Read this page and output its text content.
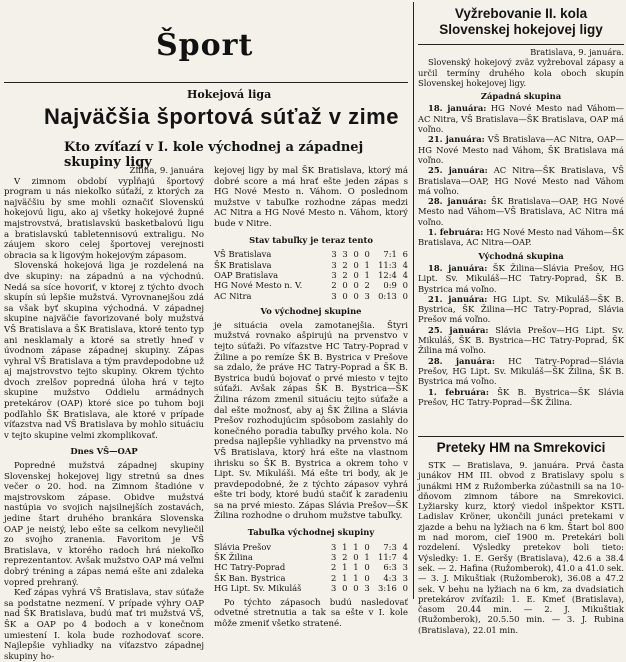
Šport
Hokejová liga
Najväčšia športová súťaž v zime
Kto zvíťazí v I. kole východnej a západnej skupiny ligy

Žilina, 9. januára

V zimnom období vypĺňajú športový program u nás niekoľko súťaží, z ktorých za najväčšiu by sme mohli označiť Slovenskú hokejovú ligu, ako aj všetky hokejové župné majstrovstvá, bratislavskú basketbalovú ligu a bratislavskú tabletennisovú extraligu. No záujem skoro celej športovej verejnosti obracia sa k ligovým hokejovým zápasom.

Slovenská hokejová liga je rozdelená na dve skupiny: na západnú a na východnú. Nedá sa síce hovoriť, v ktorej z týchto dvoch skupín sú lepšie mužstvá. Vyrovnanejšou zdá sa však byť skupina východná. V západnej skupine najväčie favorizované boly mužstvá VŠ Bratislava a ŠK Bratislava, ktoré tento typ ani nesklamaly a ktoré sa stretly hneď v úvodnom zápase západnej skupiny. Zápas vyhral VŠ Bratislava a tým pravdepodobne už aj majstrovstvo tejto skupiny. Okrem týchto dvoch zrelšov popredná úloha hrá v tejto skupine mužstvo Oddielu armádnych pretekárov (OAP) ktoré sice po tuhom boji podľahlo ŠK Bratislava, ale ktoré v prípade víťazstva nad VŠ Bratislava by mohlo situáciu v tejto skupine velmi zkomplikovať.

Dnes VŠ—OAP

Popredné mužstvá západnej skupiny Slovenskej hokejovej ligy stretnú sa dnes večer o 20. hod. na Zimnom štadióne v majstrovskom zápase. Obidve mužstvá nastúpia vo svojich najsilnejších zostavách, jedine štart druhého brankára Slovenska OAP je neistý, lebo ešte sa celkom nevyliečil zo svojho zranenia. Favoritom je VŠ Bratislava, v ktorého radoch hrá niekoľko reprezentantov. Avšak mužstvo OAP má veľmi dobrý tréning a zápas nemá ešte ani zdaleka vopred prehraný.

Keď zápas vyhrá VŠ Bratislava, stav súťaže sa podstatne nezmení. V prípade výhry OAP nad ŠK Bratislava, budú mať tri mužstvá VŠ, ŠK a OAP po 4 bodoch a v konečnom umiestení I. kola bude rozhodovať score. Najlepšie vyhliadky na víťazstvo západnej skupiny ho-

kejovej ligy by mal ŠK Bratislava, ktorý má dobré score a má hrať ešte jeden zápas s HG Nové Mesto n. Váhom. O poslednom mužstve v tabuľke rozhodne zápas medzi AC Nitra a HG Nové Mesto n. Váhom, ktorý bude v Nitre.

Stav tabuľky je teraz tento
VŠ Bratislava	3	3	0	0	7:1	6
ŠK Bratislava	3	2	0	1	11:3	4
OAP Bratislava	3	2	0	1	12:4	4
HG Nové Mesto n. V.	2	0	0	2	0:9	0
AC Nitra	3	0	0	3	0:13	0
Vo východnej skupine

je situácia ovela zamotanejšia. Štyri mužstvá rovnako ašpirujú na prvenstvo v tejto súťaži. Po víťazstve HC Tatry-Poprad v Žiline a po remíze ŠK B. Bystrica v Prešove sa zdalo, že práve HC Tatry-Poprad a ŠK B. Bystrica budú bojovať o prvé miesto v tejto súťaži. Avšak zápas ŠK B. Bystrica—ŠK Žilina rázom zmenil situáciu tejto súťaže a dal ešte možnosť, aby aj ŠK Žilina a Slávia Prešov rozhodujúcim spôsobom zasiahly do konečného poradia tabuľky prvého kola. No predsa najlepšie vyhliadky na prvenstvo má VŠ Bratislava, ktorý hrá ešte na vlastnom ihrisku so ŠK B. Bystrica a okrem toho v Lipt. Sv. Mikuláši. Má ešte tri body, ak je pravdepodobné, že z týchto zápasov vyhrá ešte tri body, ktoré budú stačiť k zaradeniu sa na prvé miesto. Zápas Slávia Prešov—ŠK Žilina rozhodne o druhom mužstve tabuľky.

Tabuľka východnej skupiny
Slávia Prešov	3	1	1	0	7:3	4
ŠK Žilina	3	2	0	1	11:7	4
HC Tatry-Poprad	2	1	1	0	6:3	3
ŠK Ban. Bystrica	2	1	1	0	4:3	3
HG Lipt. Sv. Mikuláš	3	0	0	3	3:16	0

Po týchto zápasoch budú nasledovať odvetné stretnutia a tak sa ešte v I. kole môže zmeniť všetko stratené.

Vyžrebovanie II. kola Slovenskej hokejovej ligy

Bratislava, 9. januára.

Slovenský hokejový zväz vyžreboval zápasy a určil termíny druhého kola oboch skupín Slovenskej hokejovej ligy.

Západná skupina

18. januára: HG Nové Mesto nad Váhom—AC Nitra, VŠ Bratislava—ŠK Bratislava, OAP má voľno.

21. januára: VŠ Bratislava—AC Nitra, OAP—HG Nové Mesto nad Váhom, ŠK Bratislava má voľno.

25. januára: AC Nitra—ŠK Bratislava, VŠ Bratislava—OAP, HG Nové Mesto nad Váhom má voľno.

28. januára: ŠK Bratislava—OAP, HG Nové Mesto nad Váhom—VŠ Bratislava, AC Nitra má voľno.

1. februára: HG Nové Mesto nad Váhom—ŠK Bratislava, AC Nitra—OAP.

Východná skupina

18. januára: ŠK Žilina—Slávia Prešov, HG Lipt. Sv. Mikuláš—HC Tatry-Poprad, ŠK B. Bystrica má voľno.

21. januára: HG Lipt. Sv. Mikuláš—ŠK B. Bystrica, ŠK Žilina—HC Tatry-Poprad, Slávia Prešov má voľno.

25. januára: Slávia Prešov—HG Lipt. Sv. Mikuláš, ŠK B. Bystrica—HC Tatry-Poprad, ŠK Žilina má voľno.

28. januára: HC Tatry-Poprad—Slávia Prešov, HG Lipt. Sv. Mikuláš—ŠK Žilina, ŠK B. Bystrica má voľno.

1. februára: ŠK B. Bystrica—ŠK Slávia Prešov, HC Tatry-Poprad—ŠK Žilina.

Preteky HM na Smrekovici

STK — Bratislava, 9. januára. Prvá časta junákov HM III. obvod z Bratislavy spolu s junákmi HM z Ružomberka zúčastnili sa na 10-dňovom zimnom tábore na Smrekovici. Lyžiarsky kurz, ktorý viedol inšpektor KSTL Ladislav Kröner, ukončili junáci pretekami v zjazde a behu na lyžiach na 6 km. Štart bol 800 m nad morom, cieľ 1900 m. Pretekári boli rozdelení. Výsledky pretekov boli tieto: Výsledky: 1. E. Geršy (Bratislava), 42.6 a 38.4 sek. — 2. Hafina (Ružomberok), 41.0 a 41.0 sek. — 3. J. Mikuštiak (Ružomberok), 36.08 a 47.2 sek. V behu na lyžiach na 6 km, za dvadsiatich pretekárov zvíťazil: 1. E. Kmeť (Bratislava), časom 20.44 min. — 2. J. Mikuštiak (Ružomberok), 20.5.50 min. — 3. J. Rubina (Bratislava), 22.01 min.
